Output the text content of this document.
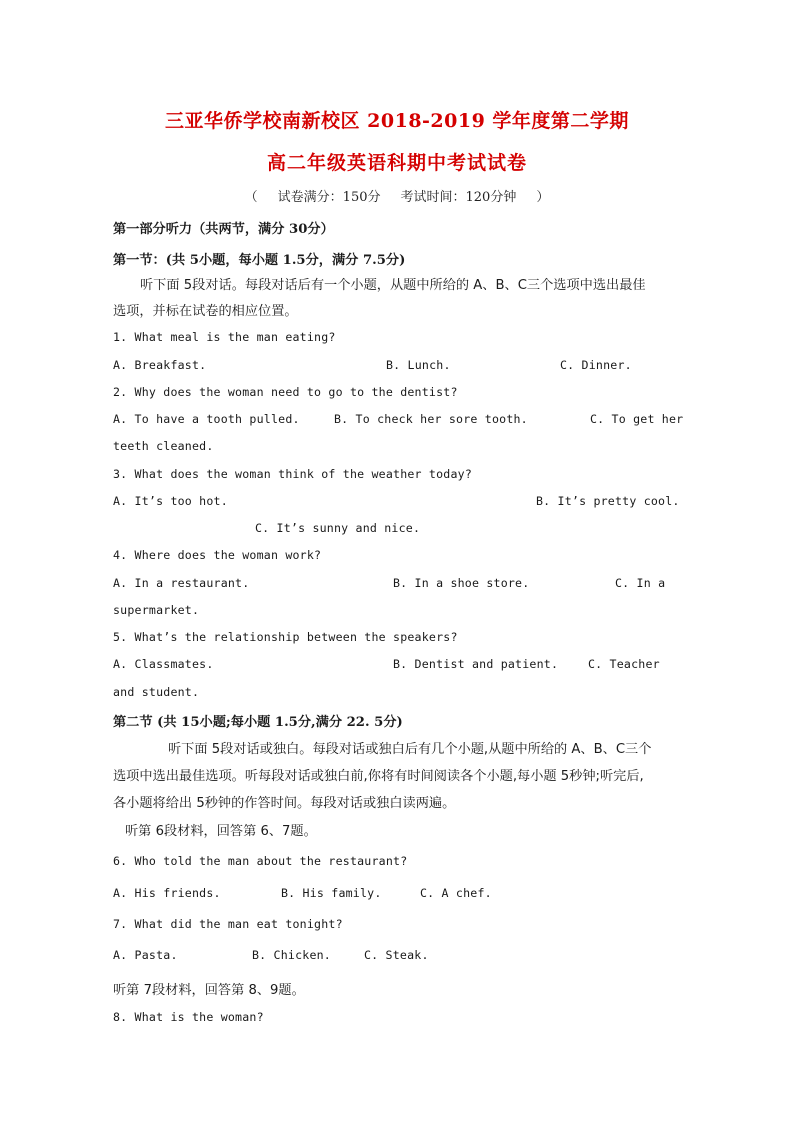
三亚华侨学校南新校区 2018-2019 学年度第二学期
高二年级英语科期中考试试卷
（ 试卷满分：150分 考试时间：120分钟 ）
第一部分听力（共两节，满分 30分）
第一节：(共 5小题，每小题 1.5分，满分 7.5分)
听下面 5段对话。每段对话后有一个小题，从题中所给的 A、B、C三个选项中选出最佳
选项，并标在试卷的相应位置。
1. What meal is the man eating?
A. Breakfast.	B. Lunch.	C. Dinner.
2. Why does the woman need to go to the dentist?
A. To have a tooth pulled.	B. To check her sore tooth.	C. To get her
teeth cleaned.
3. What does the woman think of the weather today?
A. It’s too hot.	B. It’s pretty cool.
C. It’s sunny and nice.
4. Where does the woman work?
A. In a restaurant.	B. In a shoe store.	C. In a
supermarket.
5. What’s the relationship between the speakers?
A. Classmates.	B. Dentist and patient.	C. Teacher
and student.
第二节 (共 15小题;每小题 1.5分,满分 22. 5分)
听下面 5段对话或独白。每段对话或独白后有几个小题,从题中所给的 A、B、C三个
选项中选出最佳选项。听每段对话或独白前,你将有时间阅读各个小题,每小题 5秒钟;听完后,
各小题将给出 5秒钟的作答时间。每段对话或独白读两遍。
听第 6段材料，回答第 6、7题。
6. Who told the man about the restaurant?
A. His friends.	B. His family.	C. A chef.
7. What did the man eat tonight?
A. Pasta.	B. Chicken.	C. Steak.
听第 7段材料，回答第 8、9题。
8. What is the woman?
